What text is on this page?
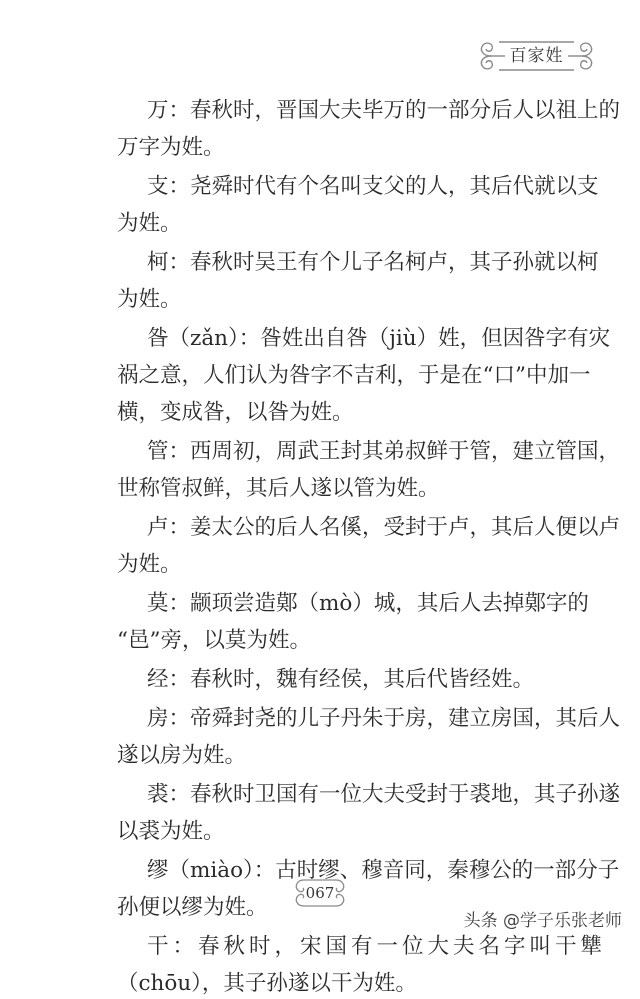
百家姓
万：春秋时，晋国大夫毕万的一部分后人以祖上的
万字为姓。
支：尧舜时代有个名叫支父的人，其后代就以支
为姓。
柯：春秋时吴王有个儿子名柯卢，其子孙就以柯
为姓。
昝（zǎn）：昝姓出自咎（jiù）姓，但因咎字有灾
祸之意，人们认为咎字不吉利，于是在“口”中加一
横，变成昝，以昝为姓。
管：西周初，周武王封其弟叔鲜于管，建立管国，
世称管叔鲜，其后人遂以管为姓。
卢：姜太公的后人名傒，受封于卢，其后人便以卢
为姓。
莫：颛顼尝造鄚（mò）城，其后人去掉鄚字的
“邑”旁，以莫为姓。
经：春秋时，魏有经侯，其后代皆经姓。
房：帝舜封尧的儿子丹朱于房，建立房国，其后人
遂以房为姓。
裘：春秋时卫国有一位大夫受封于裘地，其子孙遂
以裘为姓。
缪（miào）：古时缪、穆音同，秦穆公的一部分子
孙便以缪为姓。
干：春秋时，宋国有一位大夫名字叫干犨
（chōu），其子孙遂以干为姓。
067
头条 @学子乐张老师
